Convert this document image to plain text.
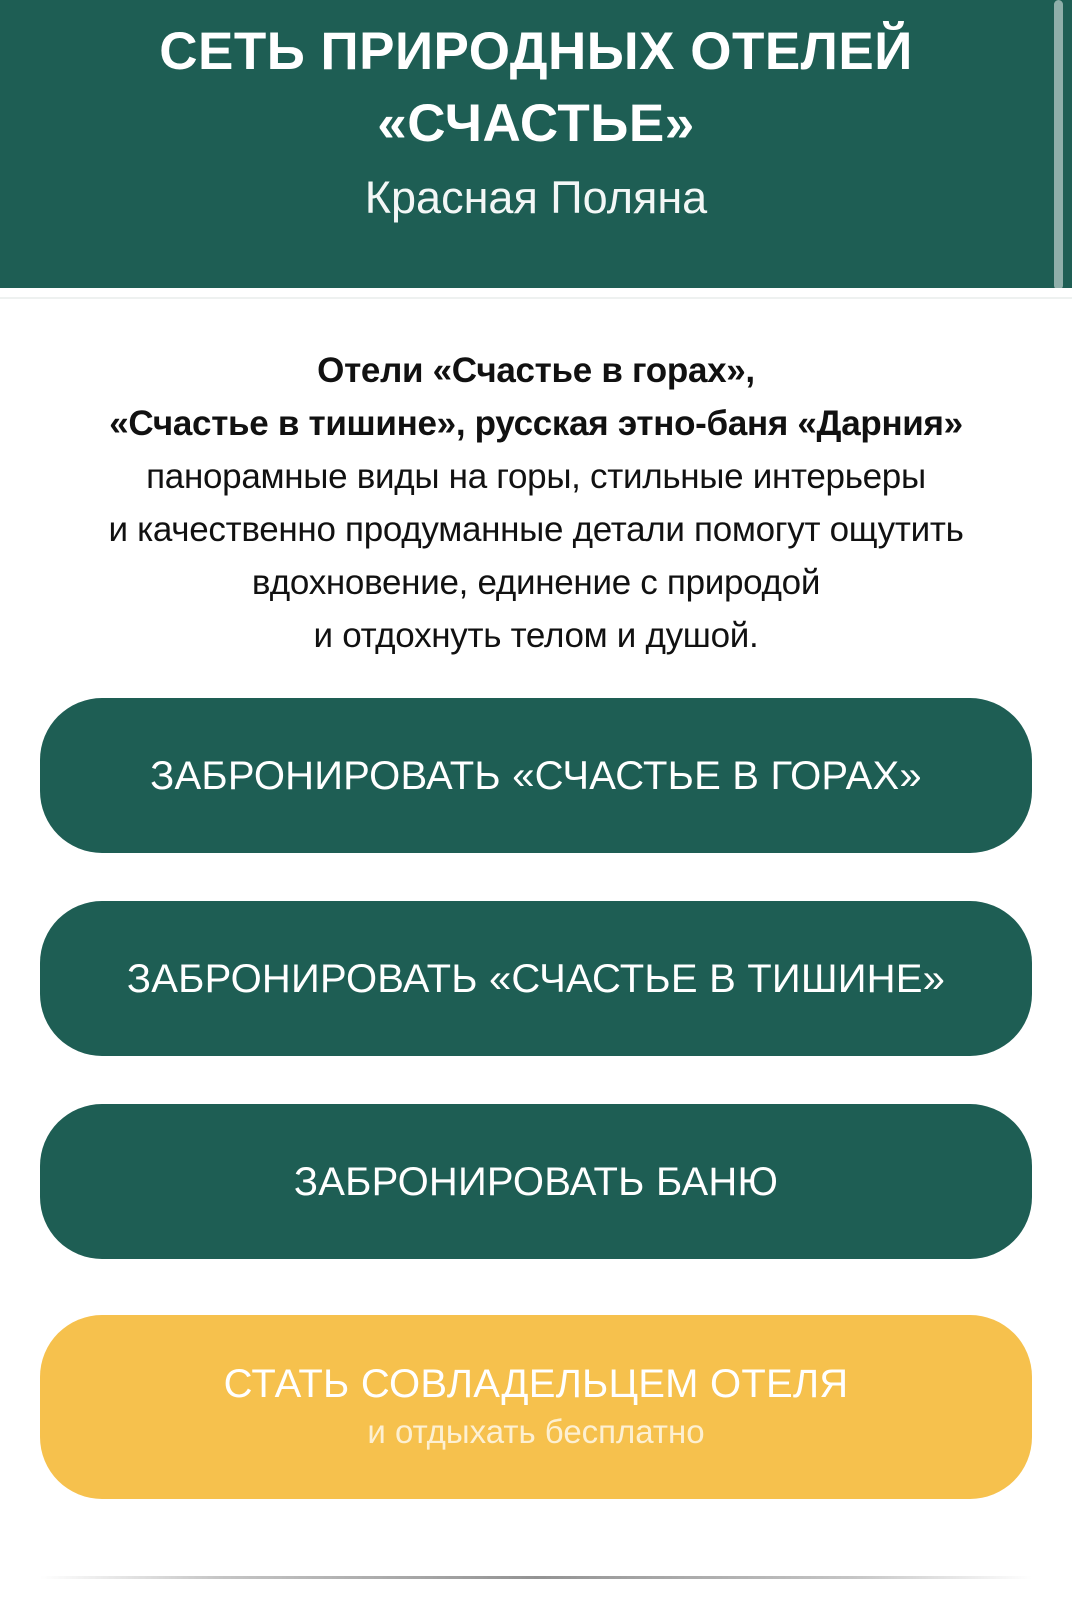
СЕТЬ ПРИРОДНЫХ ОТЕЛЕЙ
«СЧАСТЬЕ»
Красная Поляна
Отели «Счастье в горах»,
«Счастье в тишине», русская этно-баня «Дарния»
панорамные виды на горы, стильные интерьеры
и качественно продуманные детали помогут ощутить
вдохновение, единение с природой
и отдохнуть телом и душой.
ЗАБРОНИРОВАТЬ «СЧАСТЬЕ В ГОРАХ»
ЗАБРОНИРОВАТЬ «СЧАСТЬЕ В ТИШИНЕ»
ЗАБРОНИРОВАТЬ БАНЮ
СТАТЬ СОВЛАДЕЛЬЦЕМ ОТЕЛЯ
и отдыхать бесплатно
